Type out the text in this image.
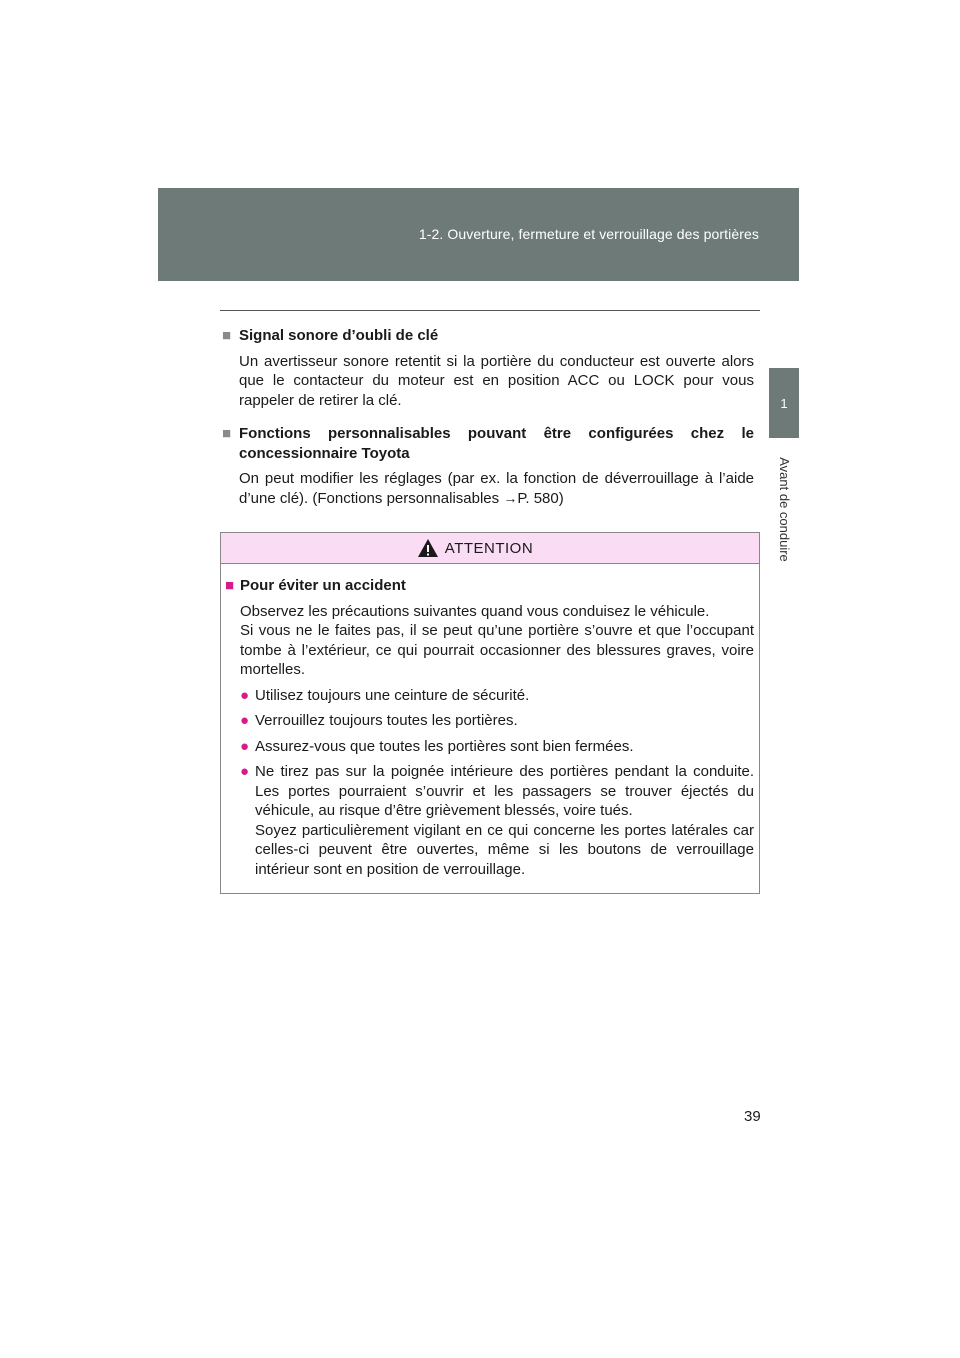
1-2. Ouverture, fermeture et verrouillage des portières
1
Avant de conduire
■ Signal sonore d’oubli de clé
Un avertisseur sonore retentit si la portière du conducteur est ouverte alors que le contacteur du moteur est en position ACC ou LOCK pour vous rappeler de retirer la clé.
■ Fonctions personnalisables pouvant être configurées chez le concessionnaire Toyota
On peut modifier les réglages (par ex. la fonction de déverrouillage à l’aide d’une clé). (Fonctions personnalisables →P. 580)
ATTENTION
■ Pour éviter un accident
Observez les précautions suivantes quand vous conduisez le véhicule.
Si vous ne le faites pas, il se peut qu’une portière s’ouvre et que l’occupant tombe à l’extérieur, ce qui pourrait occasionner des blessures graves, voire mortelles.
● Utilisez toujours une ceinture de sécurité.
● Verrouillez toujours toutes les portières.
● Assurez-vous que toutes les portières sont bien fermées.
● Ne tirez pas sur la poignée intérieure des portières pendant la conduite. Les portes pourraient s’ouvrir et les passagers se trouver éjectés du véhicule, au risque d’être grièvement blessés, voire tués.
Soyez particulièrement vigilant en ce qui concerne les portes latérales car celles-ci peuvent être ouvertes, même si les boutons de verrouillage intérieur sont en position de verrouillage.
39
